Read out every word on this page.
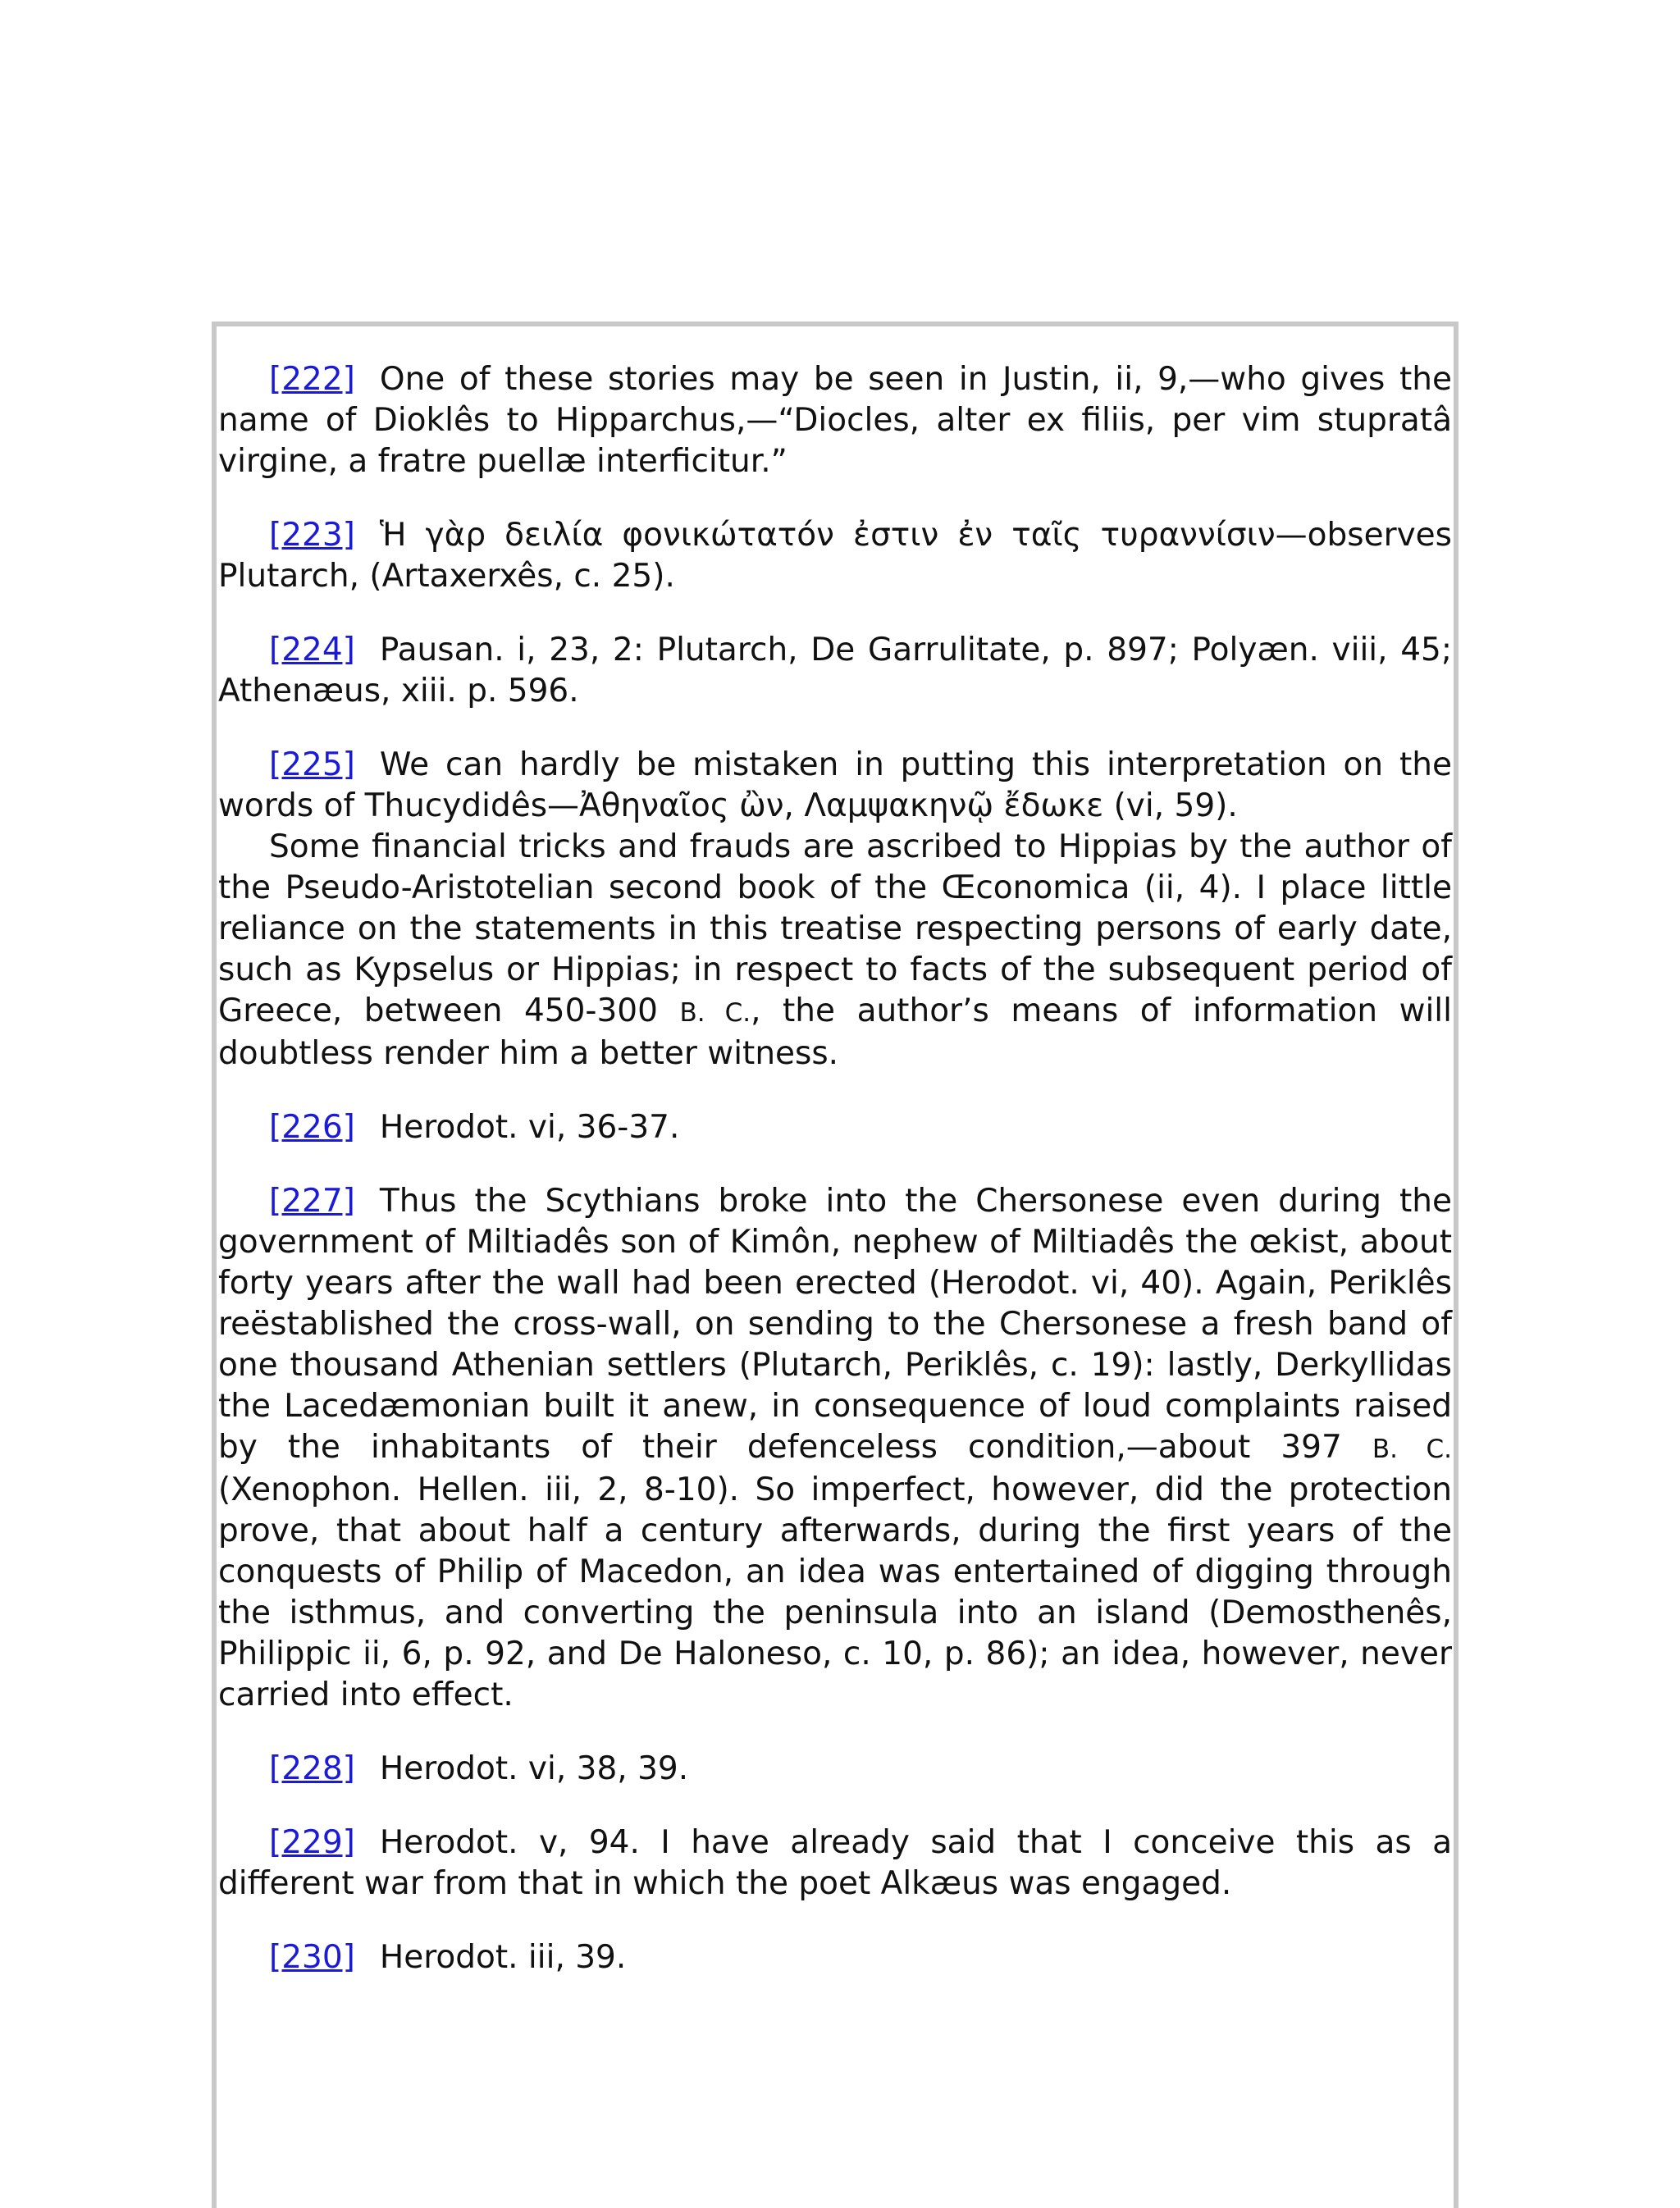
[222] One of these stories may be seen in Justin, ii, 9,—who gives the name of Dioklês to Hipparchus,—“Diocles, alter ex filiis, per vim stupratâ virgine, a fratre puellæ interficitur.”

[223] Ἡ γὰρ δειλία φονικώτατόν ἐστιν ἐν ταῖς τυραννίσιν—observes Plutarch, (Artaxerxês, c. 25).

[224] Pausan. i, 23, 2: Plutarch, De Garrulitate, p. 897; Polyæn. viii, 45; Athenæus, xiii. p. 596.

[225] We can hardly be mistaken in putting this interpretation on the words of Thucydidês—Ἀθηναῖος ὢν, Λαμψακηνῷ ἔδωκε (vi, 59).

Some financial tricks and frauds are ascribed to Hippias by the author of the Pseudo-Aristotelian second book of the Œconomica (ii, 4). I place little reliance on the statements in this treatise respecting persons of early date, such as Kypselus or Hippias; in respect to facts of the subsequent period of Greece, between 450-300 B. C., the author’s means of information will doubtless render him a better witness.

[226] Herodot. vi, 36-37.

[227] Thus the Scythians broke into the Chersonese even during the government of Miltiadês son of Kimôn, nephew of Miltiadês the œkist, about forty years after the wall had been erected (Herodot. vi, 40). Again, Periklês reëstablished the cross-wall, on sending to the Chersonese a fresh band of one thousand Athenian settlers (Plutarch, Periklês, c. 19): lastly, Derkyllidas the Lacedæmonian built it anew, in consequence of loud complaints raised by the inhabitants of their defenceless condition,—about 397 B. C. (Xenophon. Hellen. iii, 2, 8-10). So imperfect, however, did the protection prove, that about half a century afterwards, during the first years of the conquests of Philip of Macedon, an idea was entertained of digging through the isthmus, and converting the peninsula into an island (Demosthenês, Philippic ii, 6, p. 92, and De Haloneso, c. 10, p. 86); an idea, however, never carried into effect.

[228] Herodot. vi, 38, 39.

[229] Herodot. v, 94. I have already said that I conceive this as a different war from that in which the poet Alkæus was engaged.

[230] Herodot. iii, 39.
